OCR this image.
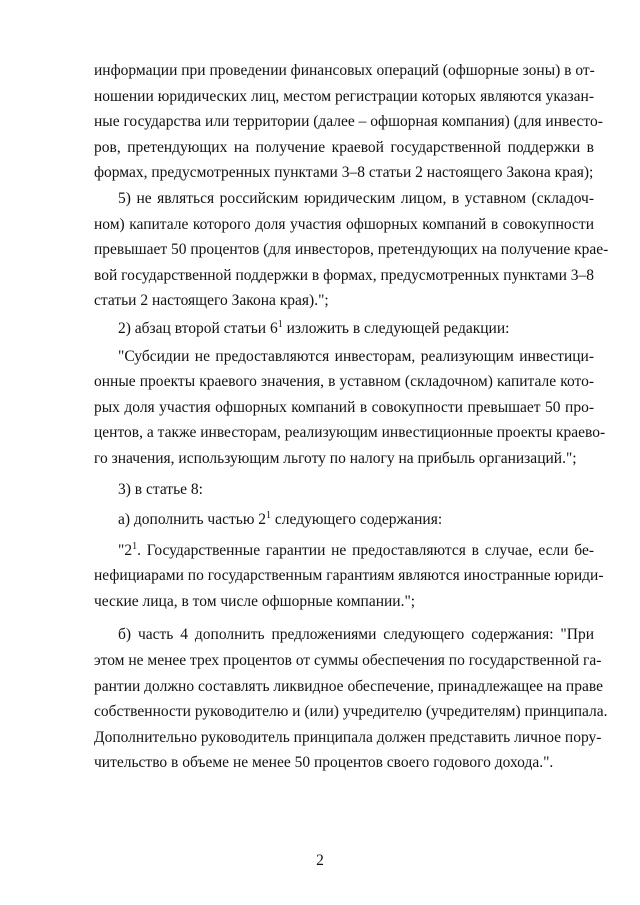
информации при проведении финансовых операций (офшорные зоны) в от-
ношении юридических лиц, местом регистрации которых являются указан-
ные государства или территории (далее – офшорная компания) (для инвесто-
ров, претендующих на получение краевой государственной поддержки в
формах, предусмотренных пунктами 3–8 статьи 2 настоящего Закона края);
5) не являться российским юридическим лицом, в уставном (складоч-
ном) капитале которого доля участия офшорных компаний в совокупности
превышает 50 процентов (для инвесторов, претендующих на получение крае-
вой государственной поддержки в формах, предусмотренных пунктами 3–8
статьи 2 настоящего Закона края).";
2) абзац второй статьи $6^1$ изложить в следующей редакции:
"Субсидии не предоставляются инвесторам, реализующим инвестици-
онные проекты краевого значения, в уставном (складочном) капитале кото-
рых доля участия офшорных компаний в совокупности превышает 50 про-
центов, а также инвесторам, реализующим инвестиционные проекты краево-
го значения, использующим льготу по налогу на прибыль организаций.";
3) в статье 8:
а) дополнить частью $2^1$ следующего содержания:
"$2^1$. Государственные гарантии не предоставляются в случае, если бе-
нефициарами по государственным гарантиям являются иностранные юриди-
ческие лица, в том числе офшорные компании.";
б) часть 4 дополнить предложениями следующего содержания: "При
этом не менее трех процентов от суммы обеспечения по государственной га-
рантии должно составлять ликвидное обеспечение, принадлежащее на праве
собственности руководителю и (или) учредителю (учредителям) принципала.
Дополнительно руководитель принципала должен представить личное пору-
чительство в объеме не менее 50 процентов своего годового дохода.".
2
